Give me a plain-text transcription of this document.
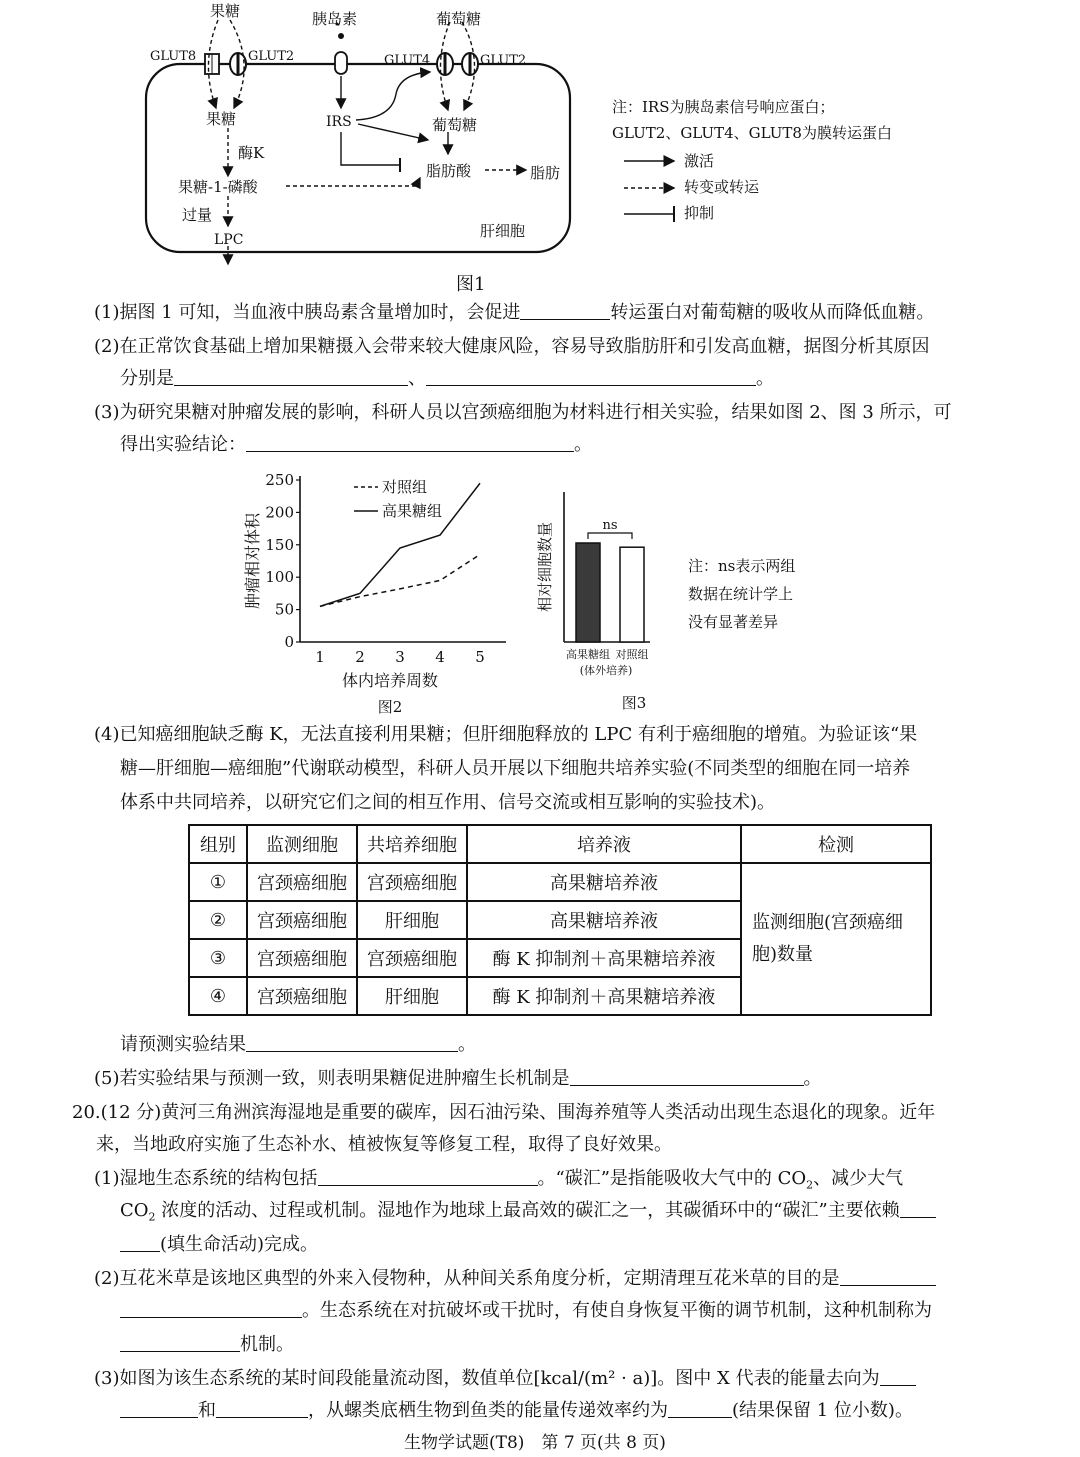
果糖	胰岛素	葡萄糖
GLUT8	GLUT2	GLUT4	GLUT2
果糖	IRS	葡萄糖
酶K
脂肪酸	脂肪
果糖-1-磷酸
过量
LPC	肝细胞
注：IRS为胰岛素信号响应蛋白；
GLUT2、GLUT4、GLUT8为膜转运蛋白
激活
转变或转运
抑制
图1
(1)据图 1 可知，当血液中胰岛素含量增加时，会促进	转运蛋白对葡萄糖的吸收从而降低血糖。
(2)在正常饮食基础上增加果糖摄入会带来较大健康风险，容易导致脂肪肝和引发高血糖，据图分析其原因
分别是	、	。
(3)为研究果糖对肿瘤发展的影响，科研人员以宫颈癌细胞为材料进行相关实验，结果如图 2、图 3 所示，可
得出实验结论：	。
0
50
100
150
200
250
1 2 3 4 5
对照组
高果糖组
体内培养周数
肿瘤相对体积
图2
高果糖组 对照组
ns
(体外培养)
相对细胞数量
图3
注：ns表示两组
数据在统计学上
没有显著差异
(4)已知癌细胞缺乏酶 K，无法直接利用果糖；但肝细胞释放的 LPC 有利于癌细胞的增殖。为验证该“果
糖—肝细胞—癌细胞”代谢联动模型，科研人员开展以下细胞共培养实验(不同类型的细胞在同一培养
体系中共同培养，以研究它们之间的相互作用、信号交流或相互影响的实验技术)。
组别	监测细胞	共培养细胞	培养液	检测
①	宫颈癌细胞	宫颈癌细胞	高果糖培养液	监测细胞(宫颈癌细
胞)数量

②	宫颈癌细胞	肝细胞	高果糖培养液	
③	宫颈癌细胞	宫颈癌细胞	酶 K 抑制剂＋高果糖培养液	
④	宫颈癌细胞	肝细胞	酶 K 抑制剂＋高果糖培养液	
请预测实验结果	。
(5)若实验结果与预测一致，则表明果糖促进肿瘤生长机制是	。
20.(12 分)黄河三角洲滨海湿地是重要的碳库，因石油污染、围海养殖等人类活动出现生态退化的现象。近年
来，当地政府实施了生态补水、植被恢复等修复工程，取得了良好效果。
(1)湿地生态系统的结构包括	。“碳汇”是指能吸收大气中的 $CO_2$、减少大气
$CO_2$ 浓度的活动、过程或机制。湿地作为地球上最高效的碳汇之一，其碳循环中的“碳汇”主要依赖
(填生命活动)完成。
(2)互花米草是该地区典型的外来入侵物种，从种间关系角度分析，定期清理互花米草的目的是
。生态系统在对抗破坏或干扰时，有使自身恢复平衡的调节机制，这种机制称为
机制。
(3)如图为该生态系统的某时间段能量流动图，数值单位[kcal/(m² · a)]。图中 X 代表的能量去向为
和	，从螺类底栖生物到鱼类的能量传递效率约为	(结果保留 1 位小数)。
生物学试题(T8)　第 7 页(共 8 页)
